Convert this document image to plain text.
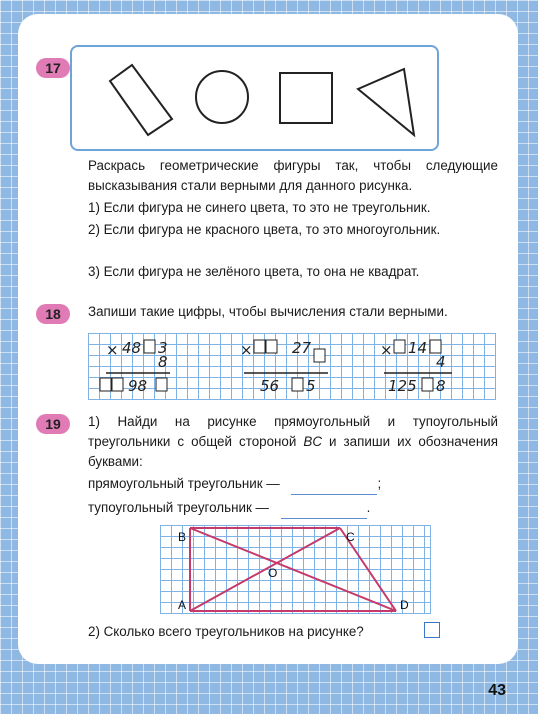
17
Раскрась геометрические фигуры так, чтобы следующие высказывания стали верными для данного рисунка.
1) Если фигура не синего цвета, то это не треугольник.
2) Если фигура не красного цвета, то это многоугольник.
3) Если фигура не зелёного цвета, то она не квадрат.
18	Запиши такие цифры, чтобы вычисления стали верными.
× 48 3
8
98
×	27
56 5
× 14
4
125 8
19	1) Найди на рисунке прямоугольный и тупоугольный треугольники с общей стороной BC и запиши их обозначения буквами:
прямоугольный треугольник —	;
тупоугольный треугольник —	.
B	C
A	D
O
2) Сколько всего треугольников на рисунке?
43
